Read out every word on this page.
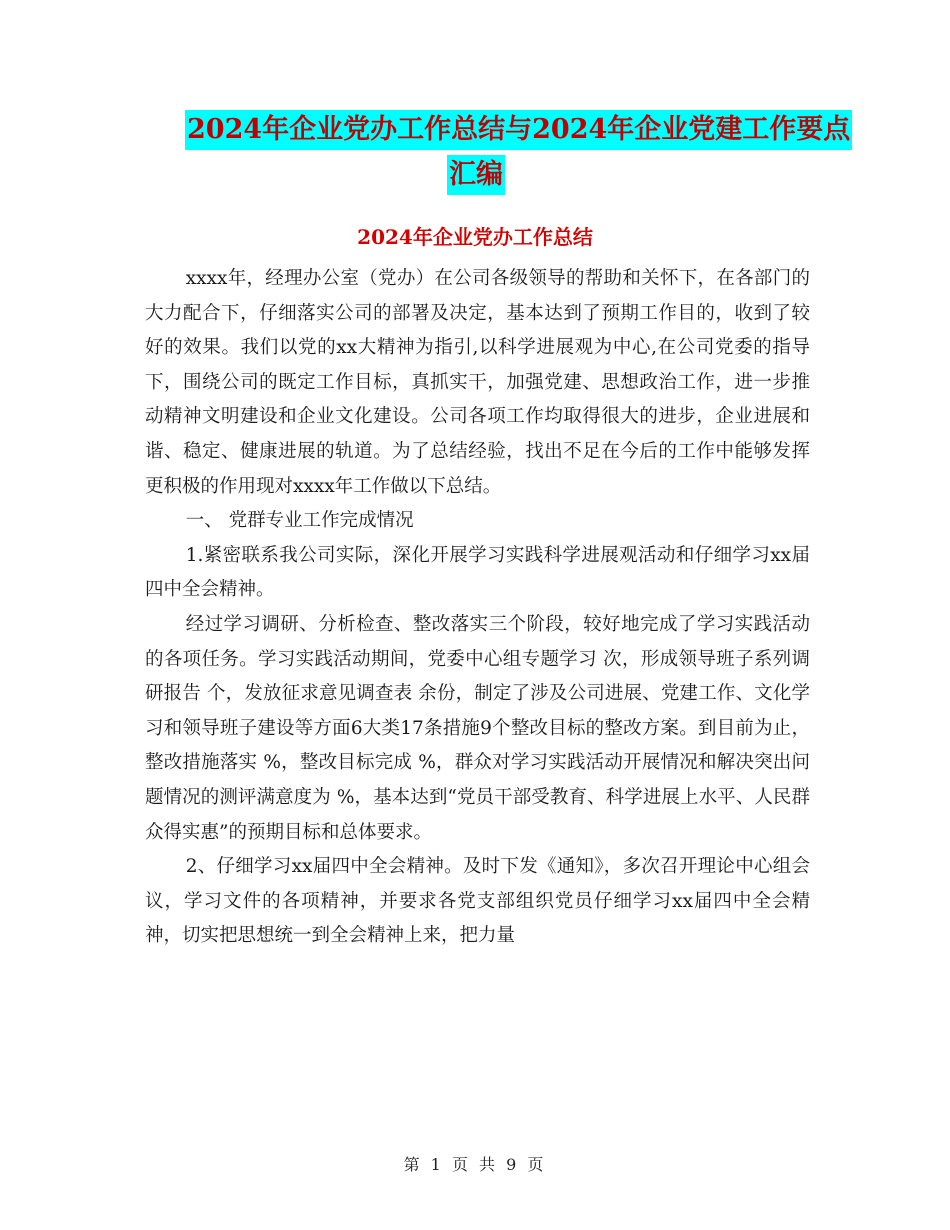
2024年企业党办工作总结与2024年企业党建工作要点
汇编
2024年企业党办工作总结

xxxx年，经理办公室（党办）在公司各级领导的帮助和关怀下，在各部门的大力配合下，仔细落实公司的部署及决定，基本达到了预期工作目的，收到了较好的效果。我们以党的xx大精神为指引,以科学进展观为中心,在公司党委的指导下，围绕公司的既定工作目标，真抓实干，加强党建、思想政治工作，进一步推动精神文明建设和企业文化建设。公司各项工作均取得很大的进步，企业进展和谐、稳定、健康进展的轨道。为了总结经验，找出不足在今后的工作中能够发挥更积极的作用现对xxxx年工作做以下总结。

一、 党群专业工作完成情况

1.紧密联系我公司实际，深化开展学习实践科学进展观活动和仔细学习xx届四中全会精神。

经过学习调研、分析检查、整改落实三个阶段，较好地完成了学习实践活动的各项任务。学习实践活动期间，党委中心组专题学习 次，形成领导班子系列调研报告 个，发放征求意见调查表 余份，制定了涉及公司进展、党建工作、文化学习和领导班子建设等方面6大类17条措施9个整改目标的整改方案。到目前为止，整改措施落实 %，整改目标完成 %，群众对学习实践活动开展情况和解决突出问题情况的测评满意度为 %，基本达到“党员干部受教育、科学进展上水平、人民群众得实惠”的预期目标和总体要求。

2、仔细学习xx届四中全会精神。及时下发《通知》，多次召开理论中心组会议，学习文件的各项精神，并要求各党支部组织党员仔细学习xx届四中全会精神，切实把思想统一到全会精神上来，把力量

第 1 页 共 9 页
